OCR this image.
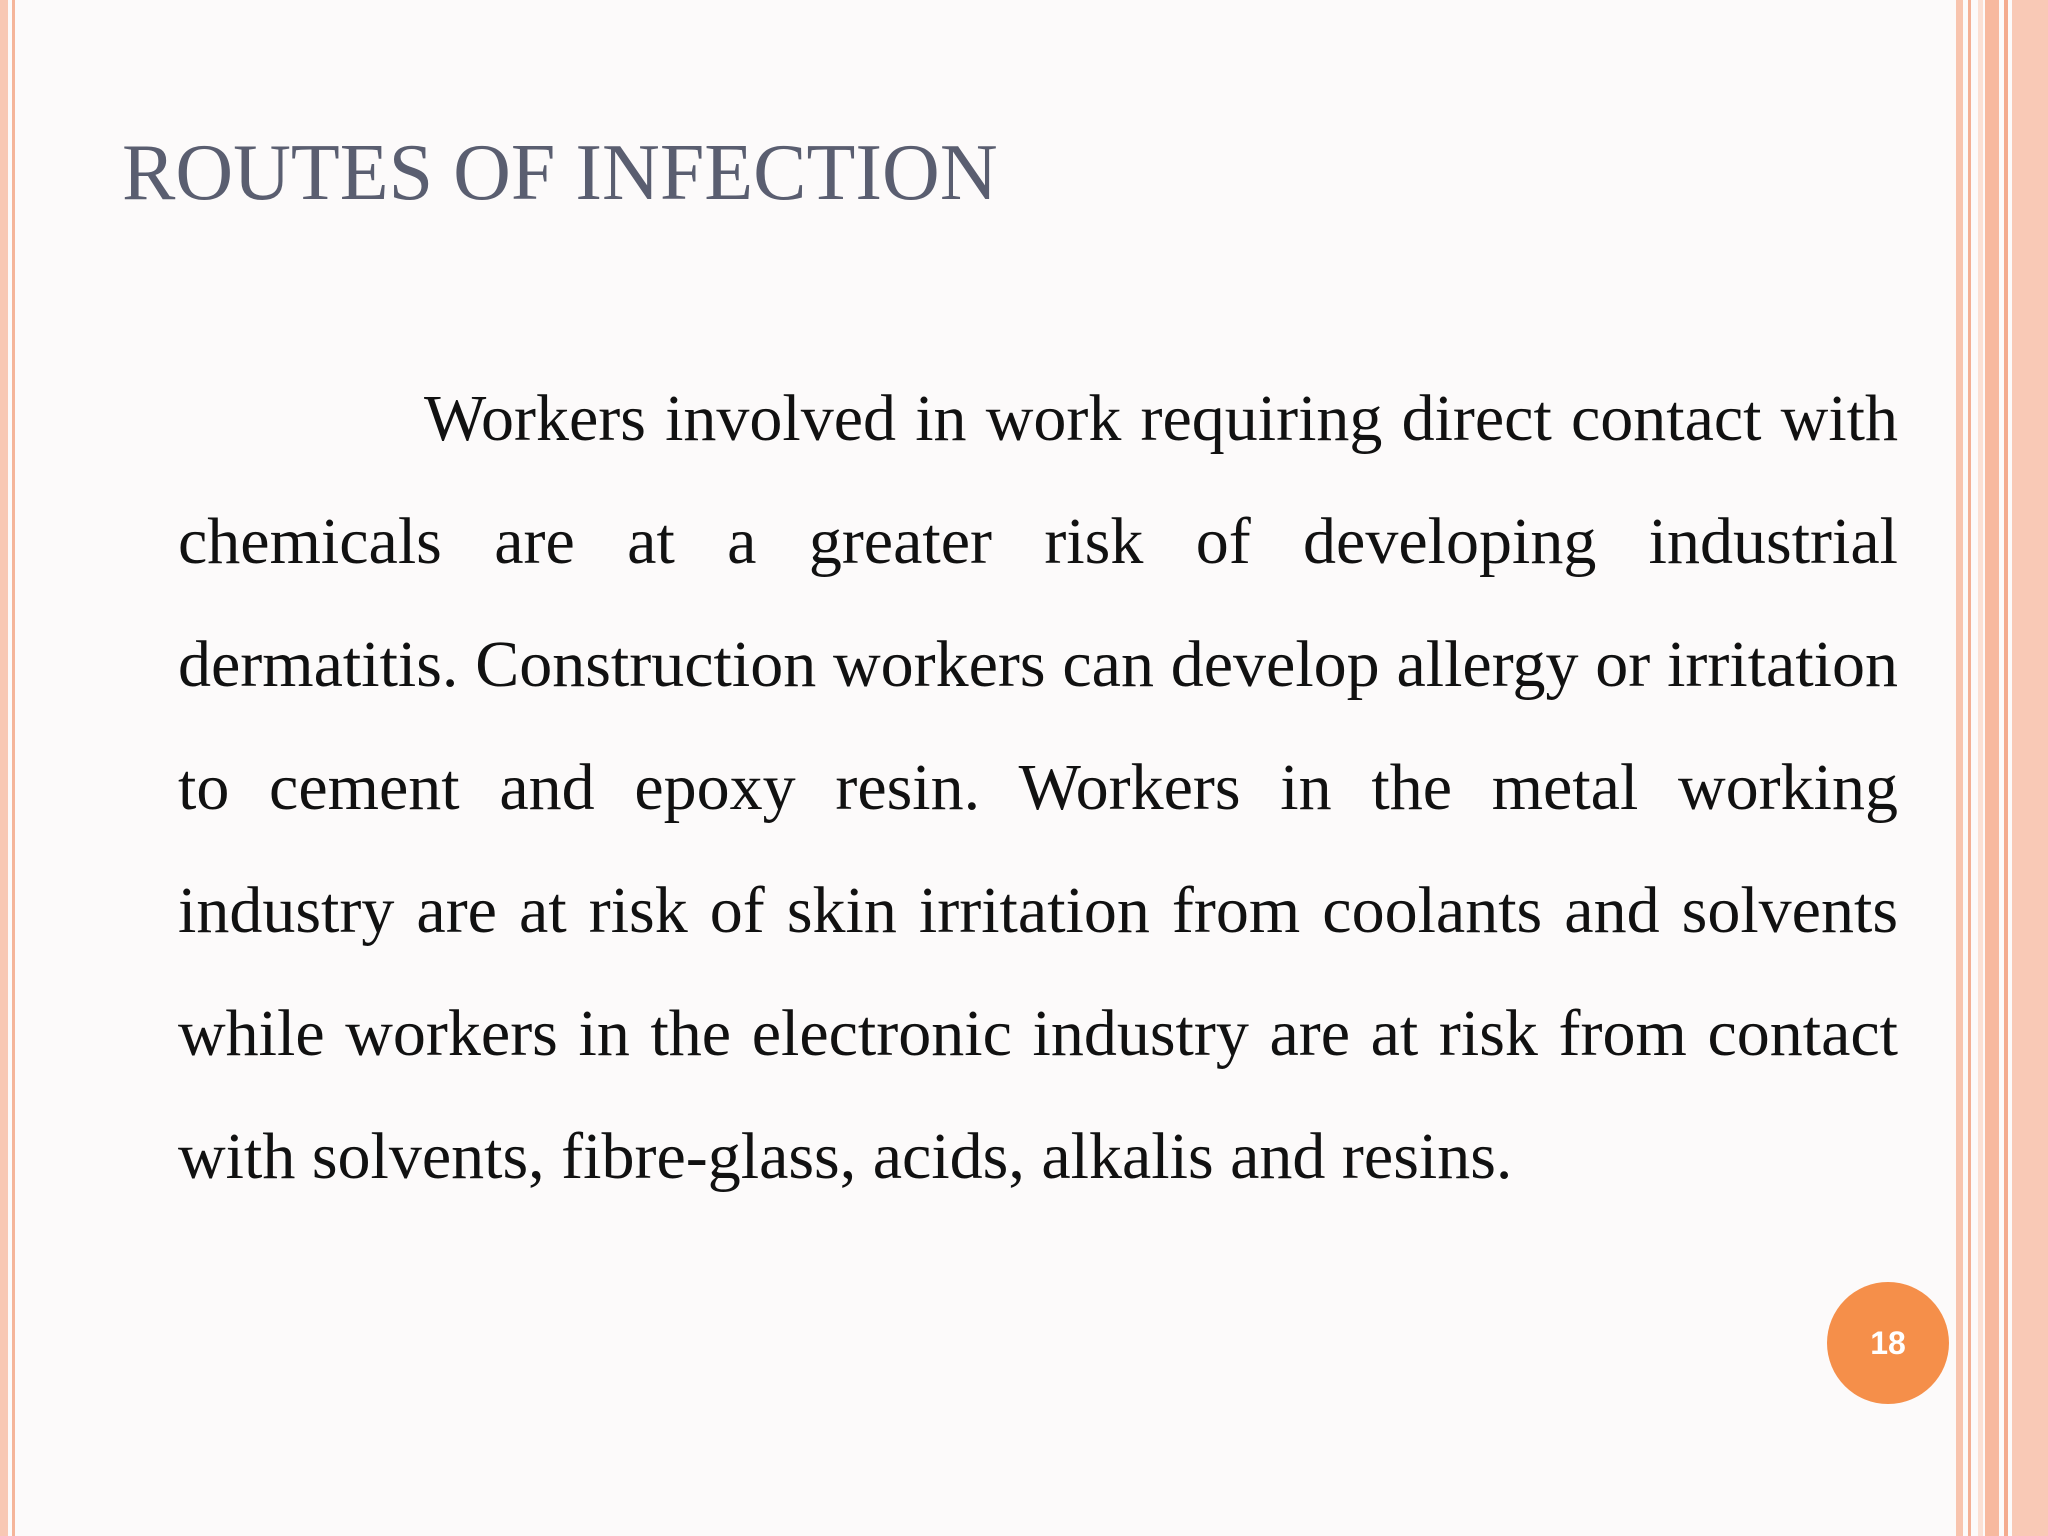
ROUTES OF INFECTION

Workers involved in work requiring direct contact with chemicals are at a greater risk of developing industrial dermatitis. Construction workers can develop allergy or irritation to cement and epoxy resin. Workers in the metal working industry are at risk of skin irritation from coolants and solvents while workers in the electronic industry are at risk from contact with solvents, fibre-glass, acids, alkalis and resins.

18
